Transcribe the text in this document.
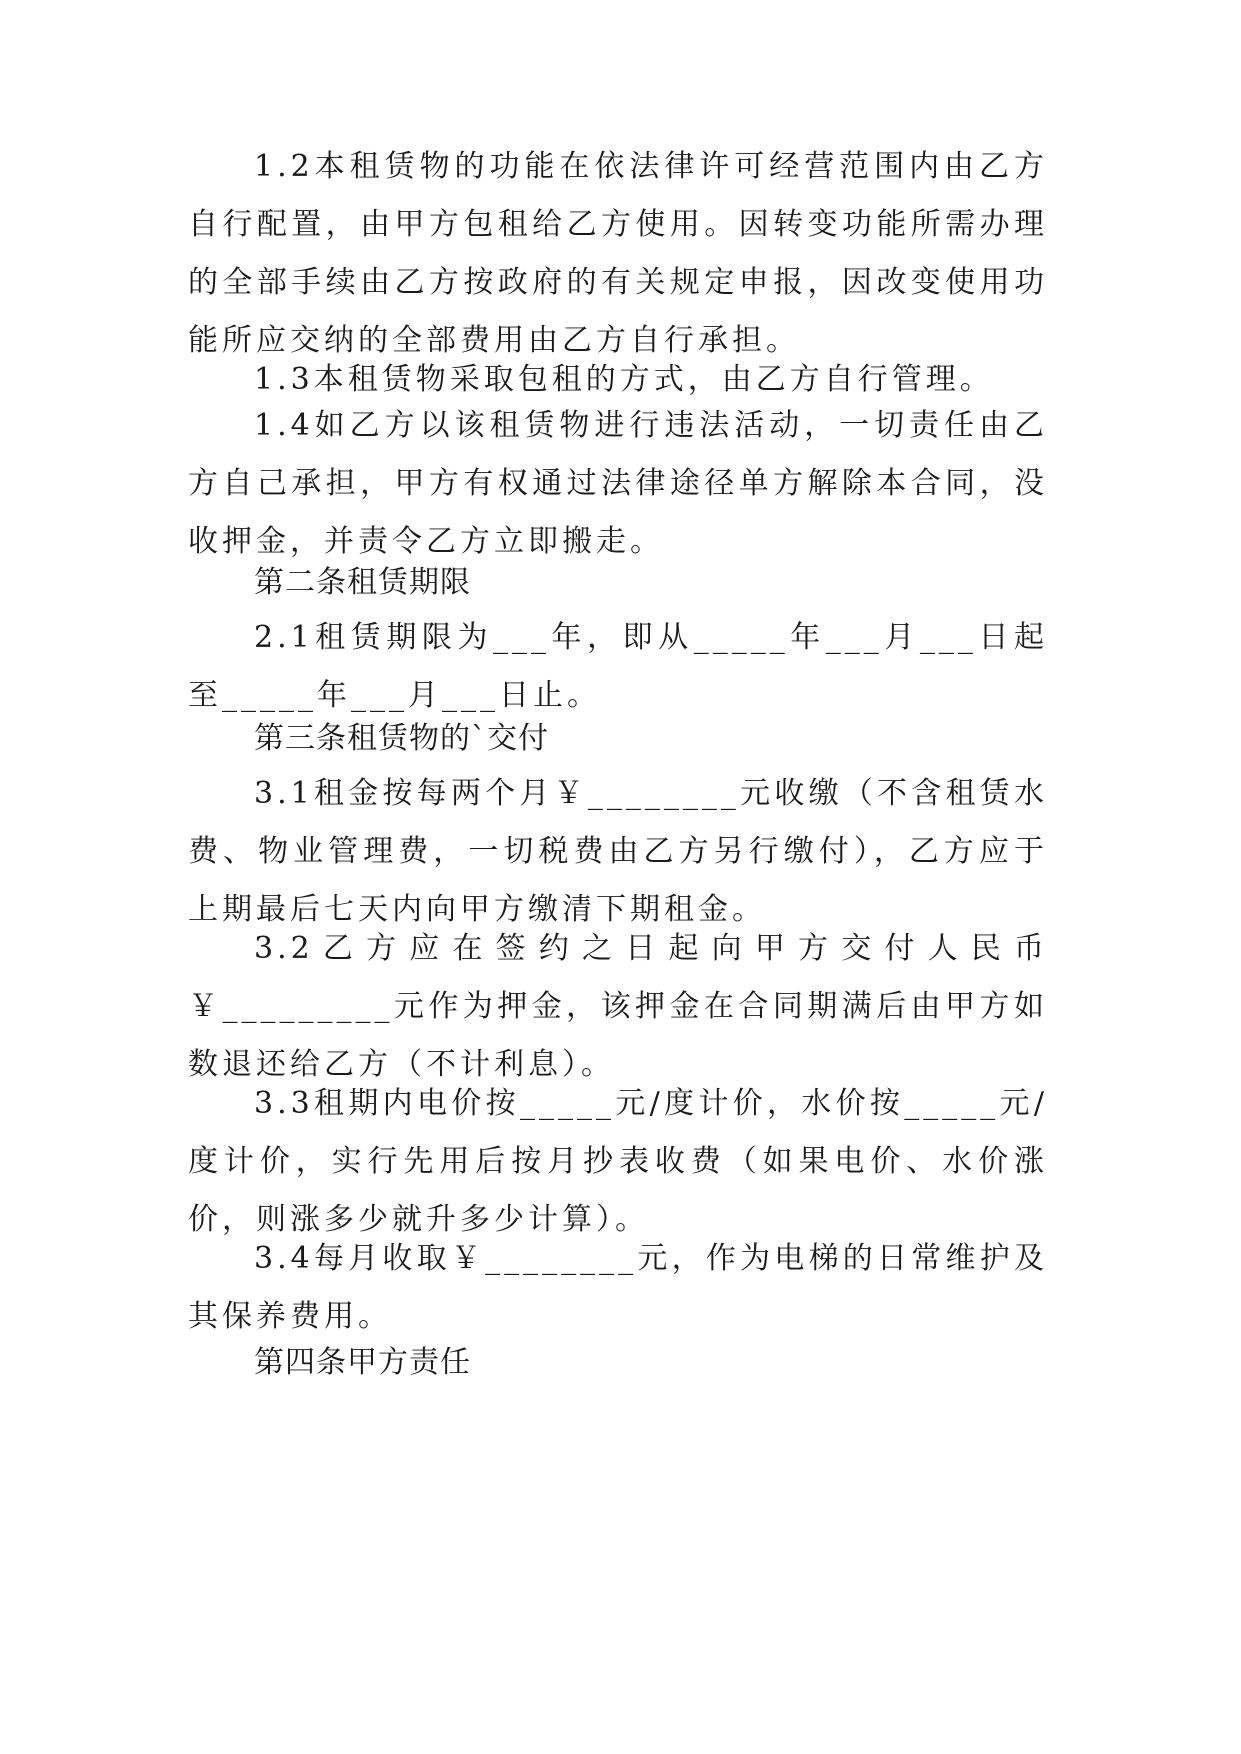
1.2本租赁物的功能在依法律许可经营范围内由乙方自行配置，由甲方包租给乙方使用。因转变功能所需办理的全部手续由乙方按政府的有关规定申报，因改变使用功能所应交纳的全部费用由乙方自行承担。

1.3本租赁物采取包租的方式，由乙方自行管理。

1.4如乙方以该租赁物进行违法活动，一切责任由乙方自己承担，甲方有权通过法律途径单方解除本合同，没收押金，并责令乙方立即搬走。

第二条租赁期限

2.1租赁期限为___年，即从_____年___月___日起至_____年___月___日止。

第三条租赁物的`交付

3.1租金按每两个月￥________元收缴（不含租赁水费、物业管理费，一切税费由乙方另行缴付），乙方应于上期最后七天内向甲方缴清下期租金。

3.2乙方应在签约之日起向甲方交付人民币￥_________元作为押金，该押金在合同期满后由甲方如数退还给乙方（不计利息）。

3.3租期内电价按_____元/度计价，水价按_____元/度计价，实行先用后按月抄表收费（如果电价、水价涨价，则涨多少就升多少计算）。

3.4每月收取￥________元，作为电梯的日常维护及其保养费用。

第四条甲方责任
